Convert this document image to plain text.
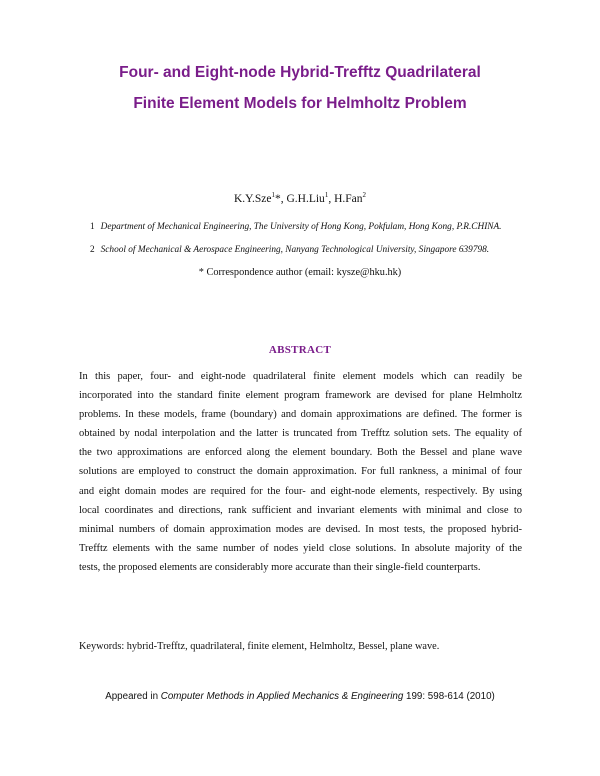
Four- and Eight-node Hybrid-Trefftz Quadrilateral
Finite Element Models for Helmholtz Problem
K.Y.Sze$^1$*, G.H.Liu$^1$, H.Fan$^2$
1 Department of Mechanical Engineering, The University of Hong Kong, Pokfulam, Hong Kong, P.R.CHINA.
2 School of Mechanical & Aerospace Engineering, Nanyang Technological University, Singapore 639798.
* Correspondence author (email: kysze@hku.hk)
ABSTRACT
In this paper, four- and eight-node quadrilateral finite element models which can readily be
incorporated into the standard finite element program framework are devised for plane Helmholtz
problems. In these models, frame (boundary) and domain approximations are defined. The former is
obtained by nodal interpolation and the latter is truncated from Trefftz solution sets. The equality of
the two approximations are enforced along the element boundary. Both the Bessel and plane wave
solutions are employed to construct the domain approximation. For full rankness, a minimal of four
and eight domain modes are required for the four- and eight-node elements, respectively. By using
local coordinates and directions, rank sufficient and invariant elements with minimal and close to
minimal numbers of domain approximation modes are devised. In most tests, the proposed hybrid-
Trefftz elements with the same number of nodes yield close solutions. In absolute majority of the
tests, the proposed elements are considerably more accurate than their single-field counterparts.
Keywords: hybrid-Trefftz, quadrilateral, finite element, Helmholtz, Bessel, plane wave.
Appeared in Computer Methods in Applied Mechanics & Engineering 199: 598-614 (2010)
